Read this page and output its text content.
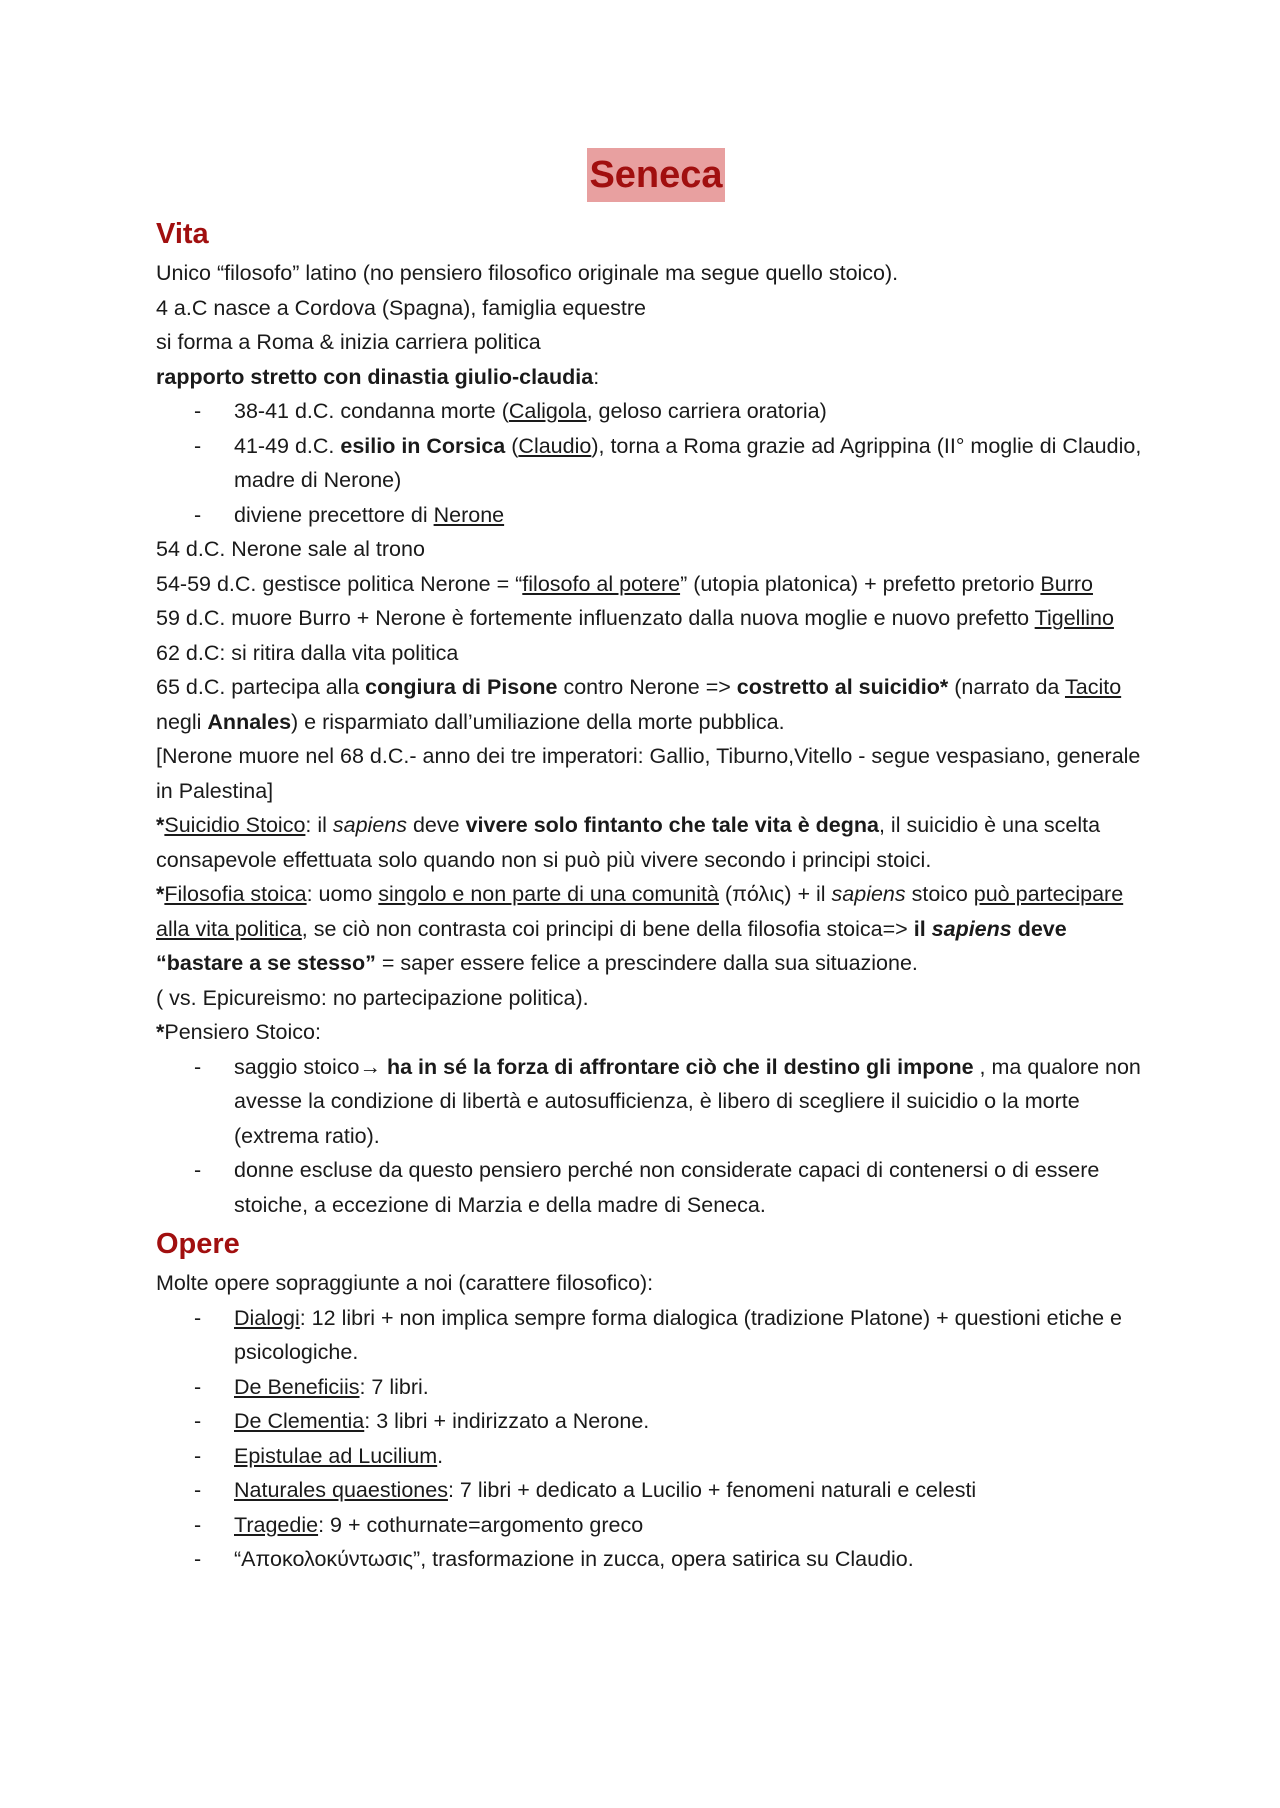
Seneca
Vita

Unico “filosofo” latino (no pensiero filosofico originale ma segue quello stoico).

4 a.C nasce a Cordova (Spagna), famiglia equestre

si forma a Roma & inizia carriera politica

rapporto stretto con dinastia giulio-claudia:

- 38-41 d.C. condanna morte (Caligola, geloso carriera oratoria)
- 41-49 d.C. esilio in Corsica (Claudio), torna a Roma grazie ad Agrippina (II° moglie di Claudio, madre di Nerone)
- diviene precettore di Nerone

54 d.C. Nerone sale al trono

54-59 d.C. gestisce politica Nerone = “filosofo al potere” (utopia platonica) + prefetto pretorio Burro

59 d.C. muore Burro + Nerone è fortemente influenzato dalla nuova moglie e nuovo prefetto Tigellino

62 d.C: si ritira dalla vita politica

65 d.C. partecipa alla congiura di Pisone contro Nerone => costretto al suicidio* (narrato da Tacito negli Annales) e risparmiato dall’umiliazione della morte pubblica.

[Nerone muore nel 68 d.C.- anno dei tre imperatori: Gallio, Tiburno,Vitello - segue vespasiano, generale in Palestina]

*Suicidio Stoico: il sapiens deve vivere solo fintanto che tale vita è degna, il suicidio è una scelta consapevole effettuata solo quando non si può più vivere secondo i principi stoici.

*Filosofia stoica: uomo singolo e non parte di una comunità (πόλις) + il sapiens stoico può partecipare alla vita politica, se ciò non contrasta coi principi di bene della filosofia stoica=> il sapiens deve “bastare a se stesso” = saper essere felice a prescindere dalla sua situazione.

( vs. Epicureismo: no partecipazione politica).

*Pensiero Stoico:

- saggio stoico→ ha in sé la forza di affrontare ciò che il destino gli impone , ma qualore non avesse la condizione di libertà e autosufficienza, è libero di scegliere il suicidio o la morte (extrema ratio).
- donne escluse da questo pensiero perché non considerate capaci di contenersi o di essere stoiche, a eccezione di Marzia e della madre di Seneca.
Opere

Molte opere sopraggiunte a noi (carattere filosofico):

- Dialogi: 12 libri + non implica sempre forma dialogica (tradizione Platone) + questioni etiche e psicologiche.
- De Beneficiis: 7 libri.
- De Clementia: 3 libri + indirizzato a Nerone.
- Epistulae ad Lucilium.
- Naturales quaestiones: 7 libri + dedicato a Lucilio + fenomeni naturali e celesti
- Tragedie: 9 + cothurnate=argomento greco
- “Αποκολοκύντωσις”, trasformazione in zucca, opera satirica su Claudio.
